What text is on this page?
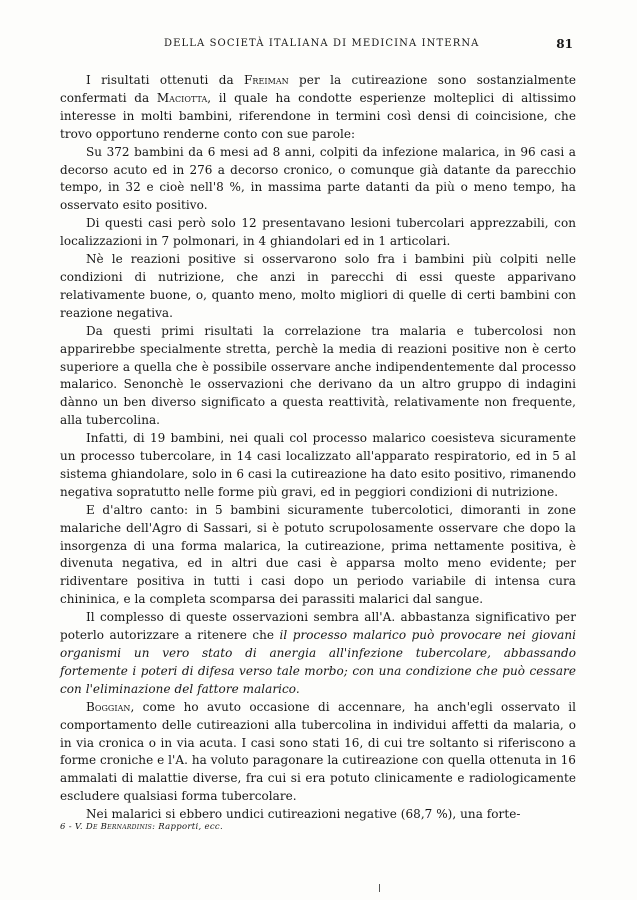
DELLA SOCIETÀ ITALIANA DI MEDICINA INTERNA	81

I risultati ottenuti da Freiman per la cutireazione sono sostanzialmente confermati da Maciotta, il quale ha condotte esperienze molteplici di altissimo interesse in molti bambini, riferendone in termini così densi di coincisione, che trovo opportuno renderne conto con sue parole:

Su 372 bambini da 6 mesi ad 8 anni, colpiti da infezione malarica, in 96 casi a decorso acuto ed in 276 a decorso cronico, o comunque già datante da parecchio tempo, in 32 e cioè nell'8 %, in massima parte datanti da più o meno tempo, ha osservato esito positivo.

Di questi casi però solo 12 presentavano lesioni tubercolari apprezzabili, con localizzazioni in 7 polmonari, in 4 ghiandolari ed in 1 articolari.

Nè le reazioni positive si osservarono solo fra i bambini più colpiti nelle condizioni di nutrizione, che anzi in parecchi di essi queste apparivano relativamente buone, o, quanto meno, molto migliori di quelle di certi bambini con reazione negativa.

Da questi primi risultati la correlazione tra malaria e tubercolosi non apparirebbe specialmente stretta, perchè la media di reazioni positive non è certo superiore a quella che è possibile osservare anche indipendentemente dal processo malarico. Senonchè le osservazioni che derivano da un altro gruppo di indagini dànno un ben diverso significato a questa reattività, relativamente non frequente, alla tubercolina.

Infatti, di 19 bambini, nei quali col processo malarico coesisteva sicuramente un processo tubercolare, in 14 casi localizzato all'apparato respiratorio, ed in 5 al sistema ghiandolare, solo in 6 casi la cutireazione ha dato esito positivo, rimanendo negativa sopratutto nelle forme più gravi, ed in peggiori condizioni di nutrizione.

E d'altro canto: in 5 bambini sicuramente tubercolotici, dimoranti in zone malariche dell'Agro di Sassari, si è potuto scrupolosamente osservare che dopo la insorgenza di una forma malarica, la cutireazione, prima nettamente positiva, è divenuta negativa, ed in altri due casi è apparsa molto meno evidente; per ridiventare positiva in tutti i casi dopo un periodo variabile di intensa cura chininica, e la completa scomparsa dei parassiti malarici dal sangue.

Il complesso di queste osservazioni sembra all'A. abbastanza significativo per poterlo autorizzare a ritenere che il processo malarico può provocare nei giovani organismi un vero stato di anergia all'infezione tubercolare, abbassando fortemente i poteri di difesa verso tale morbo; con una condizione che può cessare con l'eliminazione del fattore malarico.

Boggian, come ho avuto occasione di accennare, ha anch'egli osservato il comportamento delle cutireazioni alla tubercolina in individui affetti da malaria, o in via cronica o in via acuta. I casi sono stati 16, di cui tre soltanto si riferiscono a forme croniche e l'A. ha voluto paragonare la cutireazione con quella ottenuta in 16 ammalati di malattie diverse, fra cui si era potuto clinicamente e radiologicamente escludere qualsiasi forma tubercolare.

Nei malarici si ebbero undici cutireazioni negative (68,7 %), una forte-

6 - V. De Bernardinis: Rapporti, ecc.
